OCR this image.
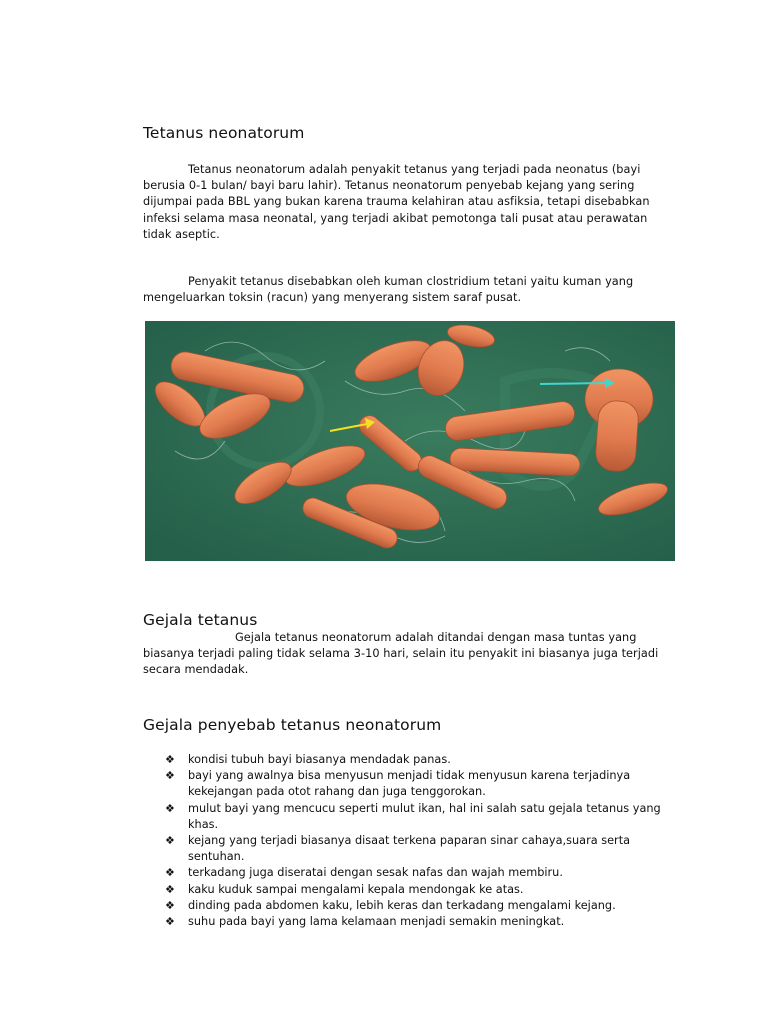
Tetanus neonatorum

Tetanus neonatorum adalah penyakit tetanus yang terjadi pada neonatus (bayi berusia 0-1 bulan/ bayi baru lahir). Tetanus neonatorum penyebab kejang yang sering dijumpai pada BBL yang bukan karena trauma kelahiran atau asfiksia, tetapi disebabkan infeksi selama masa neonatal, yang terjadi akibat pemotonga tali pusat atau perawatan tidak aseptic.

Penyakit tetanus disebabkan oleh kuman clostridium tetani yaitu kuman yang mengeluarkan toksin (racun) yang menyerang sistem saraf pusat.

Gejala tetanus

Gejala tetanus neonatorum adalah ditandai dengan masa tuntas yang biasanya terjadi paling tidak selama 3-10 hari, selain itu penyakit ini biasanya juga terjadi secara mendadak.

Gejala penyebab tetanus neonatorum
❖ kondisi tubuh bayi biasanya mendadak panas.
❖ bayi yang awalnya bisa menyusun menjadi tidak menyusun karena terjadinya kekejangan pada otot rahang dan juga tenggorokan.
❖ mulut bayi yang mencucu seperti mulut ikan, hal ini salah satu gejala tetanus yang khas.
❖ kejang yang terjadi biasanya disaat terkena paparan sinar cahaya,suara serta sentuhan.
❖ terkadang juga diseratai dengan sesak nafas dan wajah membiru.
❖ kaku kuduk sampai mengalami kepala mendongak ke atas.
❖ dinding pada abdomen kaku, lebih keras dan terkadang mengalami kejang.
❖ suhu pada bayi yang lama kelamaan menjadi semakin meningkat.
